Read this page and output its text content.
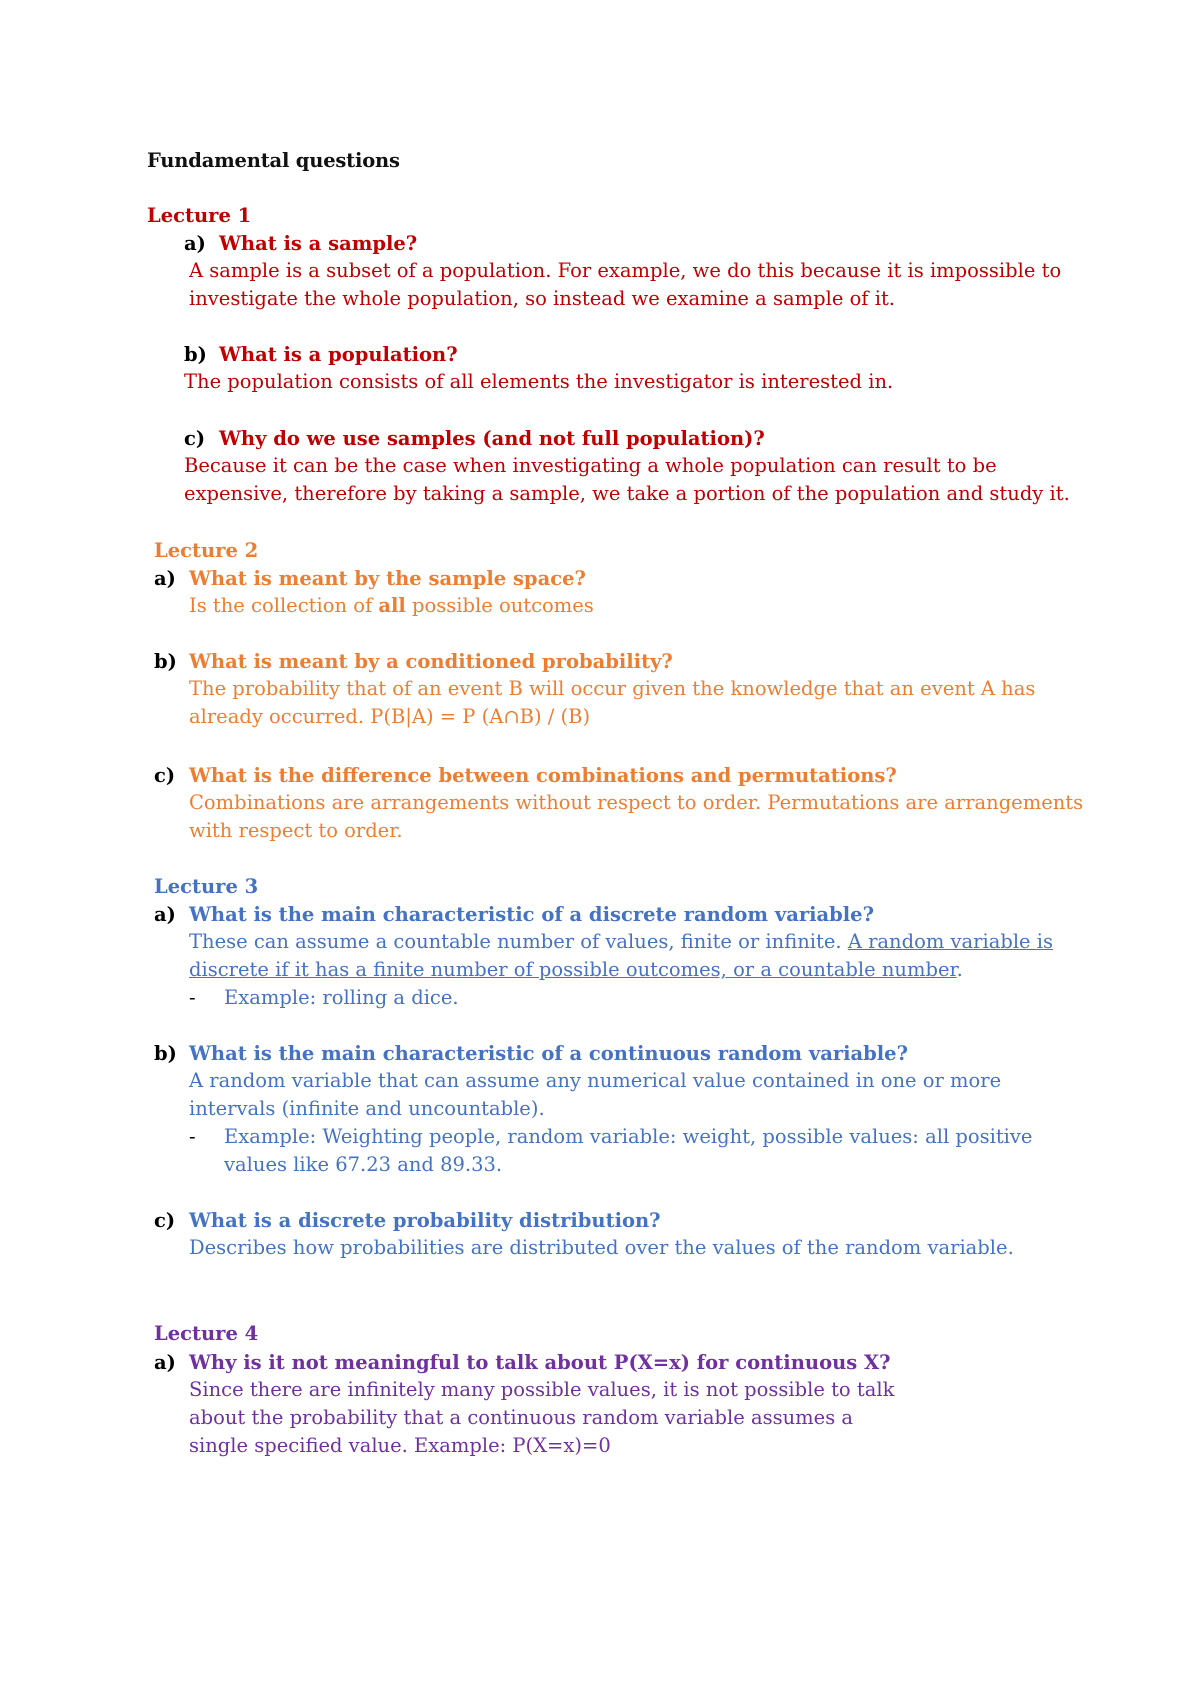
Fundamental questions
Lecture 1
a) What is a sample?
A sample is a subset of a population. For example, we do this because it is impossible to
investigate the whole population, so instead we examine a sample of it.
b) What is a population?
The population consists of all elements the investigator is interested in.
c) Why do we use samples (and not full population)?
Because it can be the case when investigating a whole population can result to be
expensive, therefore by taking a sample, we take a portion of the population and study it.
Lecture 2
a) What is meant by the sample space?
Is the collection of all possible outcomes
b) What is meant by a conditioned probability?
The probability that of an event B will occur given the knowledge that an event A has
already occurred. P(B|A) = P (A∩B) / (B)
c) What is the difference between combinations and permutations?
Combinations are arrangements without respect to order. Permutations are arrangements
with respect to order.
Lecture 3
a) What is the main characteristic of a discrete random variable?
These can assume a countable number of values, finite or infinite. A random variable is
discrete if it has a finite number of possible outcomes, or a countable number.
- Example: rolling a dice.
b) What is the main characteristic of a continuous random variable?
A random variable that can assume any numerical value contained in one or more
intervals (infinite and uncountable).
- Example: Weighting people, random variable: weight, possible values: all positive
values like 67.23 and 89.33.
c) What is a discrete probability distribution?
Describes how probabilities are distributed over the values of the random variable.
Lecture 4
a) Why is it not meaningful to talk about P(X=x) for continuous X?
Since there are infinitely many possible values, it is not possible to talk
about the probability that a continuous random variable assumes a
single specified value. Example: P(X=x)=0
